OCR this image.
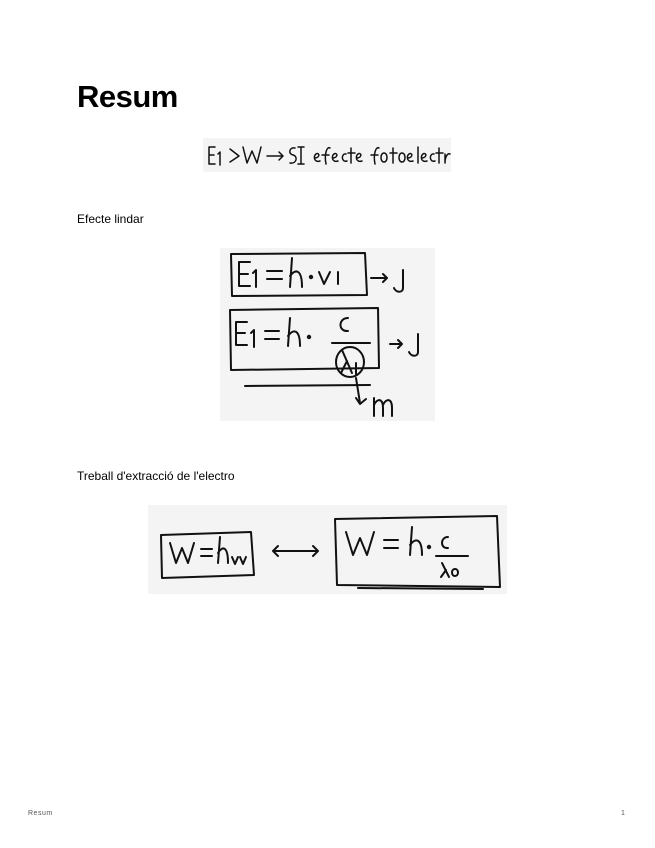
Resum
Efecte lindar
Treball d'extracció de l'electro
Resum	1
